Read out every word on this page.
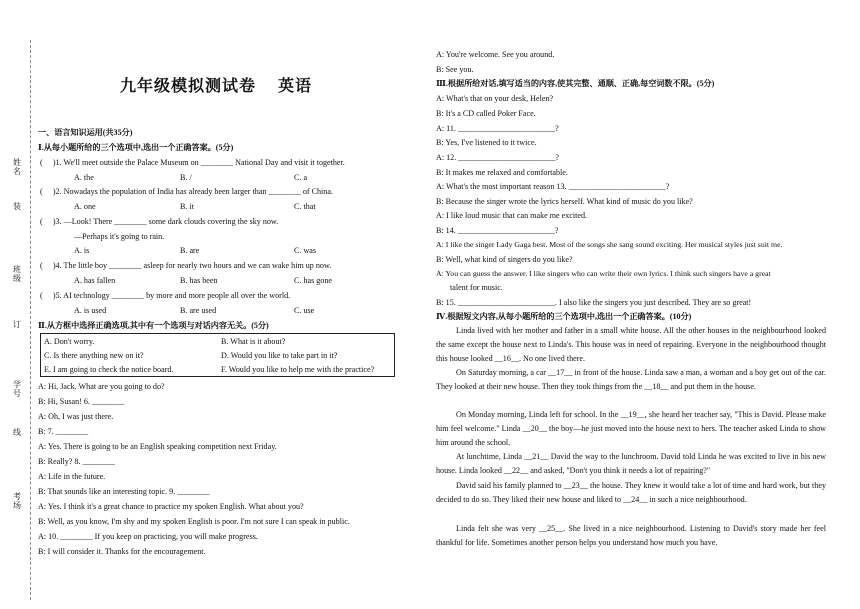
姓名
装
班级
订
学号
线
考场
九年级模拟测试卷 英语
一、语言知识运用(共35分)
Ⅰ.从每小题所给的三个选项中,选出一个正确答案。(5分)
(     )1. We'll meet outside the Palace Museum on ________ National Day and visit it together.
A. the	B. /	C. a
(     )2. Nowadays the population of India has already been larger than ________ of China.
A. one	B. it	C. that
(     )3. —Look! There ________ some dark clouds covering the sky now.
—Perhaps it's going to rain.
A. is	B. are	C. was
(     )4. The little boy ________ asleep for nearly two hours and we can wake him up now.
A. has fallen	B. has been	C. has gone
(     )5. AI technology ________ by more and more people all over the world.
A. is used	B. are used	C. use
Ⅱ.从方框中选择正确选项,其中有一个选项与对话内容无关。(5分)
A. Don't worry.	B. What is it about?
C. Is there anything new on it?	D. Would you like to take part in it?
E. I am going to check the notice board.	F. Would you like to help me with the practice?
A: Hi, Jack. What are you going to do?
B: Hi, Susan! 6. ________
A: Oh, I was just there.
B: 7. ________
A: Yes. There is going to be an English speaking competition next Friday.
B: Really? 8. ________
A: Life in the future.
B: That sounds like an interesting topic. 9. ________
A: Yes. I think it's a great chance to practice my spoken English. What about you?
B: Well, as you know, I'm shy and my spoken English is poor. I'm not sure I can speak in public.
A: 10. ________ If you keep on practicing, you will make progress.
B: I will consider it. Thanks for the encouragement.
A: You're welcome. See you around.
B: See you.
Ⅲ.根据所给对话,填写适当的内容,使其完整、通顺、正确,每空词数不限。(5分)
A: What's that on your desk, Helen?
B: It's a CD called Poker Face.
A: 11. ________________________?
B: Yes, I've listened to it twice.
A: 12. ________________________?
B: It makes me relaxed and comfortable.
A: What's the most important reason 13. ________________________?
B: Because the singer wrote the lyrics herself. What kind of music do you like?
A: I like loud music that can make me excited.
B: 14. ________________________?
A: I like the singer Lady Gaga best. Most of the songs she sang sound exciting. Her musical styles just suit me.
B: Well, what kind of singers do you like?
A: You can guess the answer. I like singers who can write their own lyrics. I think such singers have a great
talent for music.
B: 15. ________________________. I also like the singers you just described. They are so great!
Ⅳ.根据短文内容,从每小题所给的三个选项中,选出一个正确答案。(10分)
Linda lived with her mother and father in a small white house. All the other houses in the neighbourhood looked the same except the house next to Linda's. This house was in need of repairing. Everyone in the neighbourhood thought this house looked __16__. No one lived there.
On Saturday morning, a car __17__ in front of the house. Linda saw a man, a woman and a boy get out of the car. They looked at their new house. Then they took things from the __18__ and put them in the house.
On Monday morning, Linda left for school. In the __19__, she heard her teacher say, "This is David. Please make him feel welcome." Linda __20__ the boy—he just moved into the house next to hers. The teacher asked Linda to show him around the school.
At lunchtime, Linda __21__ David the way to the lunchroom. David told Linda he was excited to live in his new house. Linda looked __22__ and asked, "Don't you think it needs a lot of repairing?"
David said his family planned to __23__ the house. They knew it would take a lot of time and hard work, but they decided to do so. They liked their new house and liked to __24__ in such a nice neighbourhood.
Linda felt she was very __25__. She lived in a nice neighbourhood. Listening to David's story made her feel thankful for life. Sometimes another person helps you understand how much you have.
